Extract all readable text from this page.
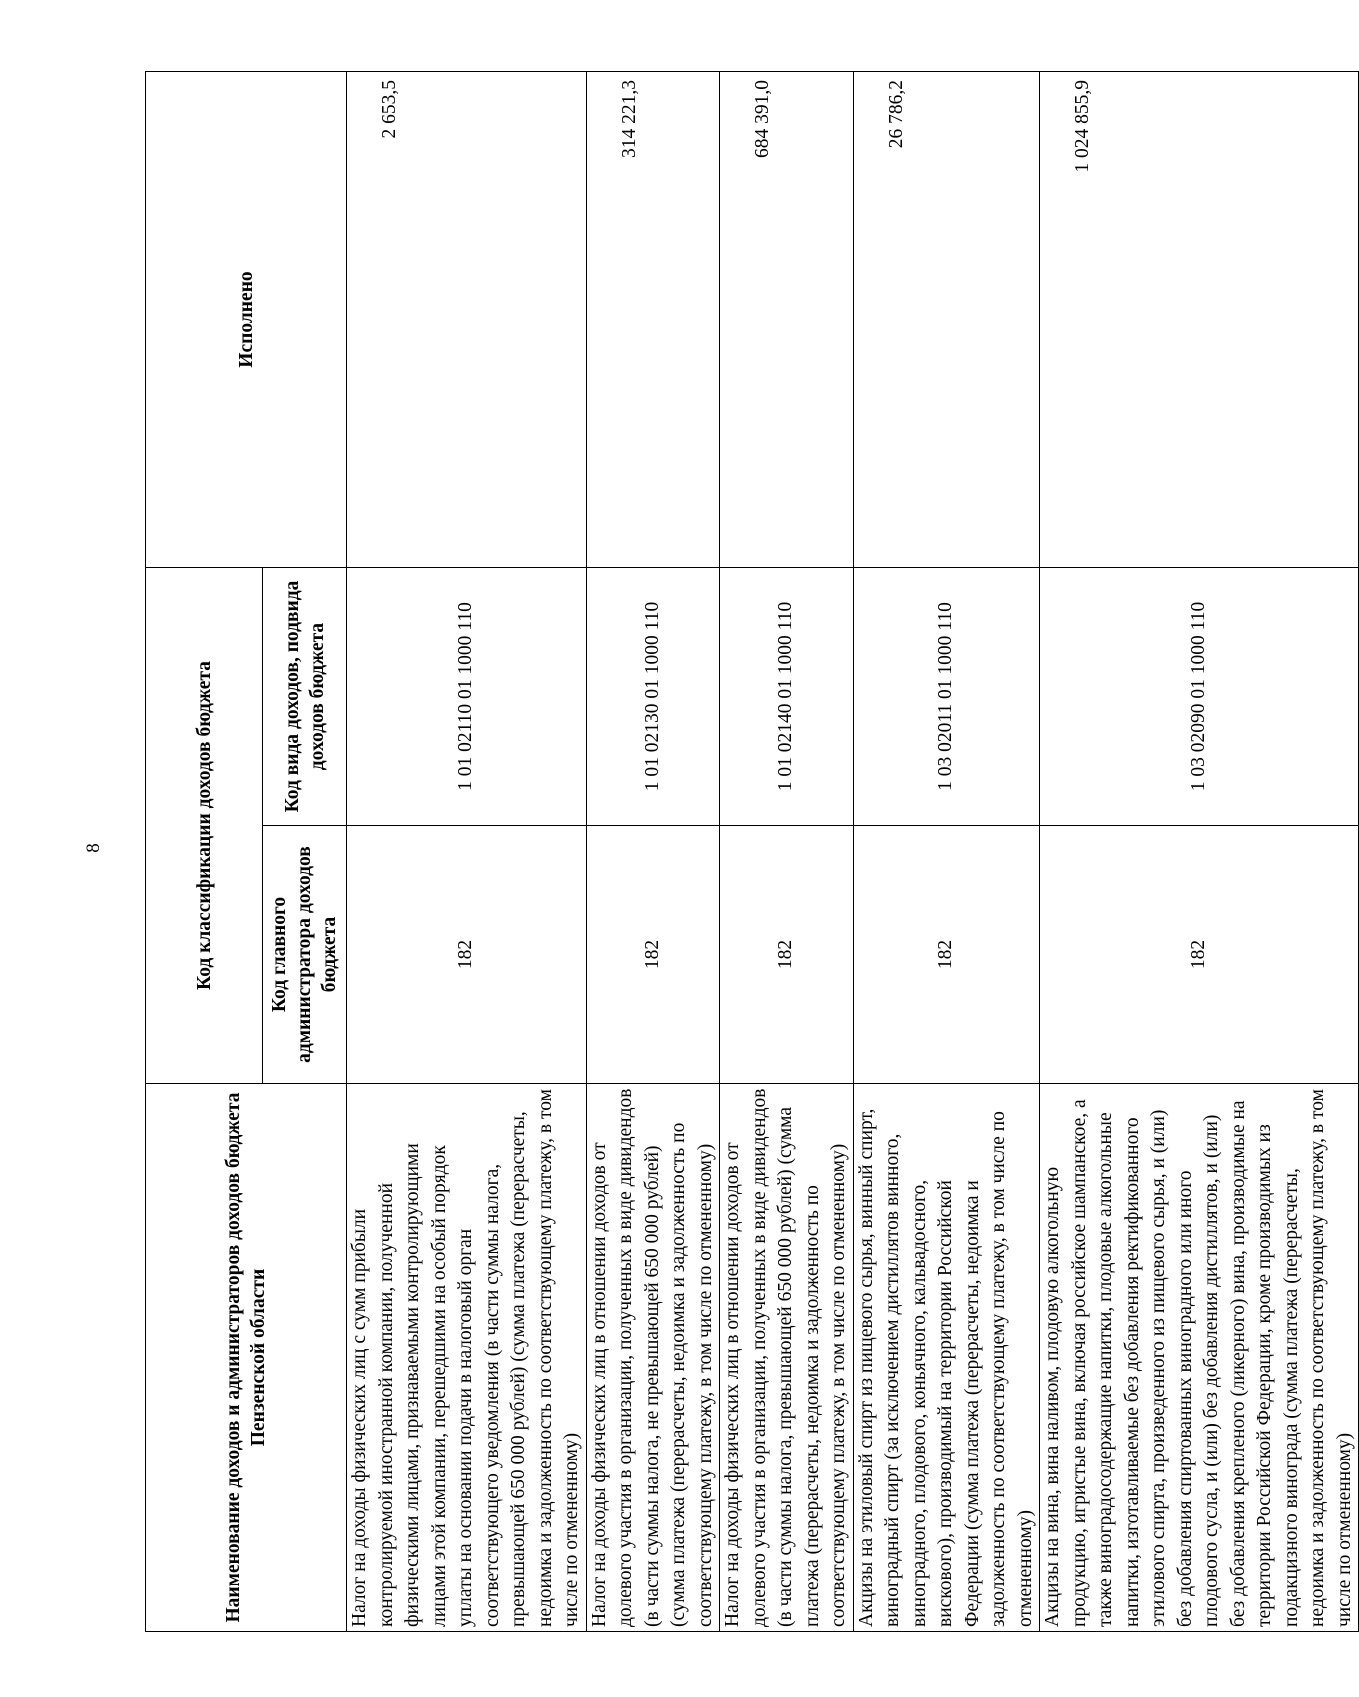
8
Наименование доходов и администраторов доходов бюджета Пензенской области	Код классификации доходов бюджета		Исполнено
	Код главного администратора доходов бюджета	Код вида доходов, подвида доходов бюджета	
Налог на доходы физических лиц с сумм прибыли контролируемой иностранной компании, полученной физическими лицами, признаваемыми контролирующими лицами этой компании, перешедшими на особый порядок уплаты на основании подачи в налоговый орган соответствующего уведомления (в части суммы налога, превышающей 650 000 рублей) (сумма платежа (перерасчеты, недоимка и задолженность по соответствующему платежу, в том числе по отмененному)	182	1 01 02110 01 1000 110	2 653,5
Налог на доходы физических лиц в отношении доходов от долевого участия в организации, полученных в виде дивидендов (в части суммы налога, не превышающей 650 000 рублей) (сумма платежа (перерасчеты, недоимка и задолженность по соответствующему платежу, в том числе по отмененному)	182	1 01 02130 01 1000 110	314 221,3
Налог на доходы физических лиц в отношении доходов от долевого участия в организации, полученных в виде дивидендов (в части суммы налога, превышающей 650 000 рублей) (сумма платежа (перерасчеты, недоимка и задолженность по соответствующему платежу, в том числе по отмененному)	182	1 01 02140 01 1000 110	684 391,0
Акцизы на этиловый спирт из пищевого сырья, винный спирт, виноградный спирт (за исключением дистиллятов винного, виноградного, плодового, коньячного, кальвадосного, вискового), производимый на территории Российской Федерации (сумма платежа (перерасчеты, недоимка и задолженность по соответствующему платежу, в том числе по отмененному)	182	1 03 02011 01 1000 110	26 786,2
Акцизы на вина, вина наливом, плодовую алкогольную продукцию, игристые вина, включая российское шампанское, а также виноградосодержащие напитки, плодовые алкогольные напитки, изготавливаемые без добавления ректификованного этилового спирта, произведенного из пищевого сырья, и (или) без добавления спиртованных виноградного или иного плодового сусла, и (или) без добавления дистиллятов, и (или) без добавления крепленого (ликерного) вина, производимые на территории Российской Федерации, кроме производимых из подакцизного винограда (сумма платежа (перерасчеты, недоимка и задолженность по соответствующему платежу, в том числе по отмененному)	182	1 03 02090 01 1000 110	1 024 855,9
